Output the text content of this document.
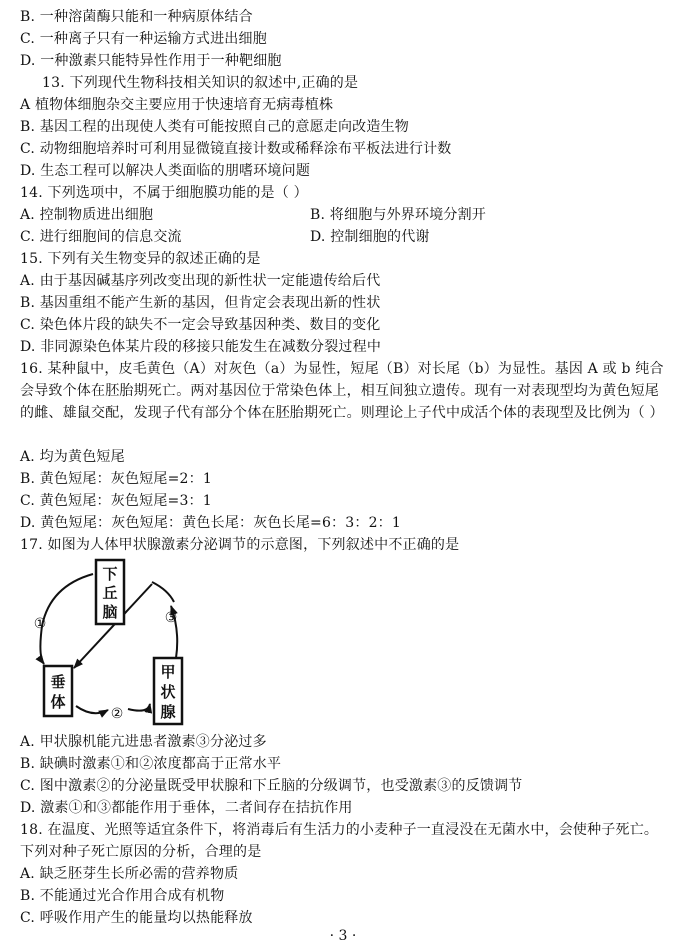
B. 一种溶菌酶只能和一种病原体结合
C. 一种离子只有一种运输方式进出细胞
D. 一种激素只能特异性作用于一种靶细胞
13. 下列现代生物科技相关知识的叙述中,正确的是
A 植物体细胞杂交主要应用于快速培育无病毒植株
B. 基因工程的出现使人类有可能按照自己的意愿走向改造生物
C. 动物细胞培养时可利用显微镜直接计数或稀释涂布平板法进行计数
D. 生态工程可以解决人类面临的朋嗜环境问题
14. 下列选项中，不属于细胞膜功能的是（ ）
A. 控制物质进出细胞	B. 将细胞与外界环境分割开
C. 进行细胞间的信息交流	D. 控制细胞的代谢
15. 下列有关生物变异的叙述正确的是
A. 由于基因碱基序列改变出现的新性状一定能遗传给后代
B. 基因重组不能产生新的基因，但肯定会表现出新的性状
C. 染色体片段的缺失不一定会导致基因种类、数目的变化
D. 非同源染色体某片段的移接只能发生在减数分裂过程中
16. 某种鼠中，皮毛黄色（A）对灰色（a）为显性，短尾（B）对长尾（b）为显性。基因 A 或 b 纯合会导致个体在胚胎期死亡。两对基因位于常染色体上，相互间独立遗传。现有一对表现型均为黄色短尾的雌、雄鼠交配，发现子代有部分个体在胚胎期死亡。则理论上子代中成活个体的表现型及比例为（ ）
A. 均为黄色短尾
B. 黄色短尾：灰色短尾=2：1
C. 黄色短尾：灰色短尾=3：1
D. 黄色短尾：灰色短尾：黄色长尾：灰色长尾=6：3：2：1
17. 如图为人体甲状腺激素分泌调节的示意图，下列叙述中不正确的是
下
丘
脑
垂
体
甲
状
腺
①
②
③
A. 甲状腺机能亢进患者激素③分泌过多
B. 缺碘时激素①和②浓度都高于正常水平
C. 图中激素②的分泌量既受甲状腺和下丘脑的分级调节，也受激素③的反馈调节
D. 激素①和③都能作用于垂体，二者间存在拮抗作用
18. 在温度、光照等适宜条件下，将消毒后有生活力的小麦种子一直浸没在无菌水中，会使种子死亡。下列对种子死亡原因的分析，合理的是
A. 缺乏胚芽生长所必需的营养物质
B. 不能通过光合作用合成有机物
C. 呼吸作用产生的能量均以热能释放
· 3 ·
